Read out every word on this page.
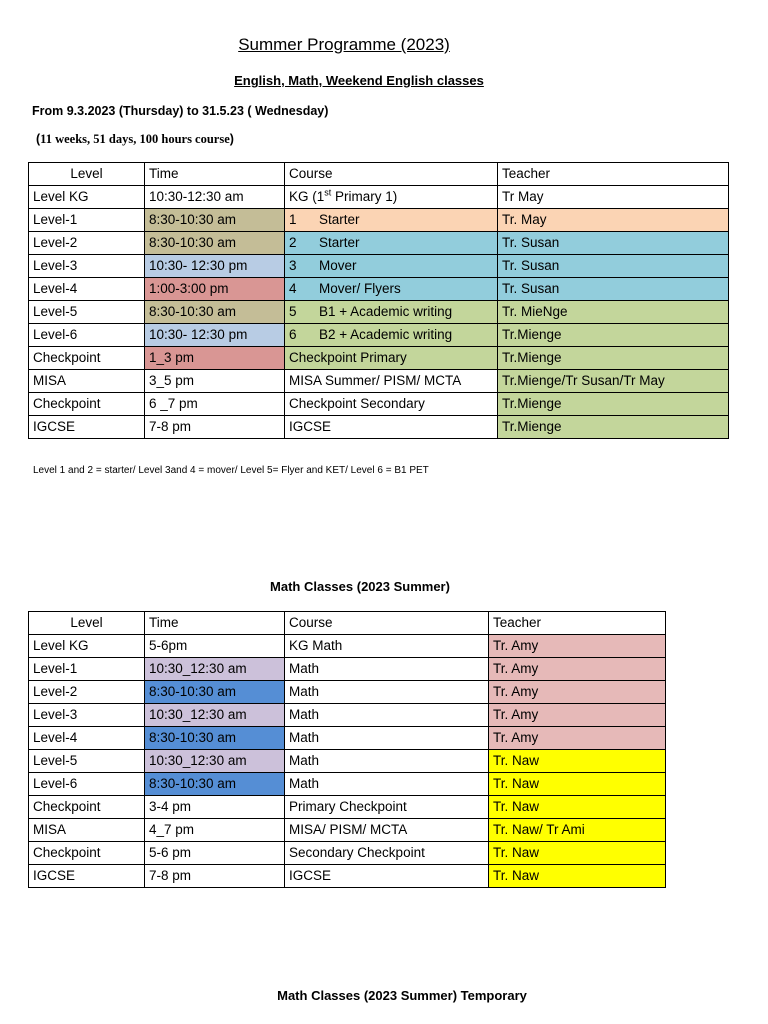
Summer Programme (2023)
English, Math, Weekend English classes
From 9.3.2023 (Thursday) to 31.5.23 ( Wednesday)
(11 weeks, 51 days, 100 hours course)
Level	Time	Course	Teacher
Level KG	10:30-12:30 am	KG (1st Primary 1)	Tr May
Level-1	8:30-10:30 am	1 Starter	Tr. May
Level-2	8:30-10:30 am	2 Starter	Tr. Susan
Level-3	10:30- 12:30 pm	3 Mover	Tr. Susan
Level-4	1:00-3:00 pm	4 Mover/ Flyers	Tr. Susan
Level-5	8:30-10:30 am	5 B1 + Academic writing	Tr. MieNge
Level-6	10:30- 12:30 pm	6 B2 + Academic writing	Tr.Mienge
Checkpoint	1_3 pm	Checkpoint Primary	Tr.Mienge
MISA	3_5 pm	MISA Summer/ PISM/ MCTA	Tr.Mienge/Tr Susan/Tr May
Checkpoint	6 _7 pm	Checkpoint Secondary	Tr.Mienge
IGCSE	7-8 pm	IGCSE	Tr.Mienge
Level 1 and 2 = starter/ Level 3and 4 = mover/ Level 5= Flyer and KET/ Level 6 = B1 PET
Math Classes (2023 Summer)
Level	Time	Course	Teacher
Level KG	5-6pm	KG Math	Tr. Amy
Level-1	10:30_12:30 am	Math	Tr. Amy
Level-2	8:30-10:30 am	Math	Tr. Amy
Level-3	10:30_12:30 am	Math	Tr. Amy
Level-4	8:30-10:30 am	Math	Tr. Amy
Level-5	10:30_12:30 am	Math	Tr. Naw
Level-6	8:30-10:30 am	Math	Tr. Naw
Checkpoint	3-4 pm	Primary Checkpoint	Tr. Naw
MISA	4_7 pm	MISA/ PISM/ MCTA	Tr. Naw/ Tr Ami
Checkpoint	5-6 pm	Secondary Checkpoint	Tr. Naw
IGCSE	7-8 pm	IGCSE	Tr. Naw
Math Classes (2023 Summer) Temporary
